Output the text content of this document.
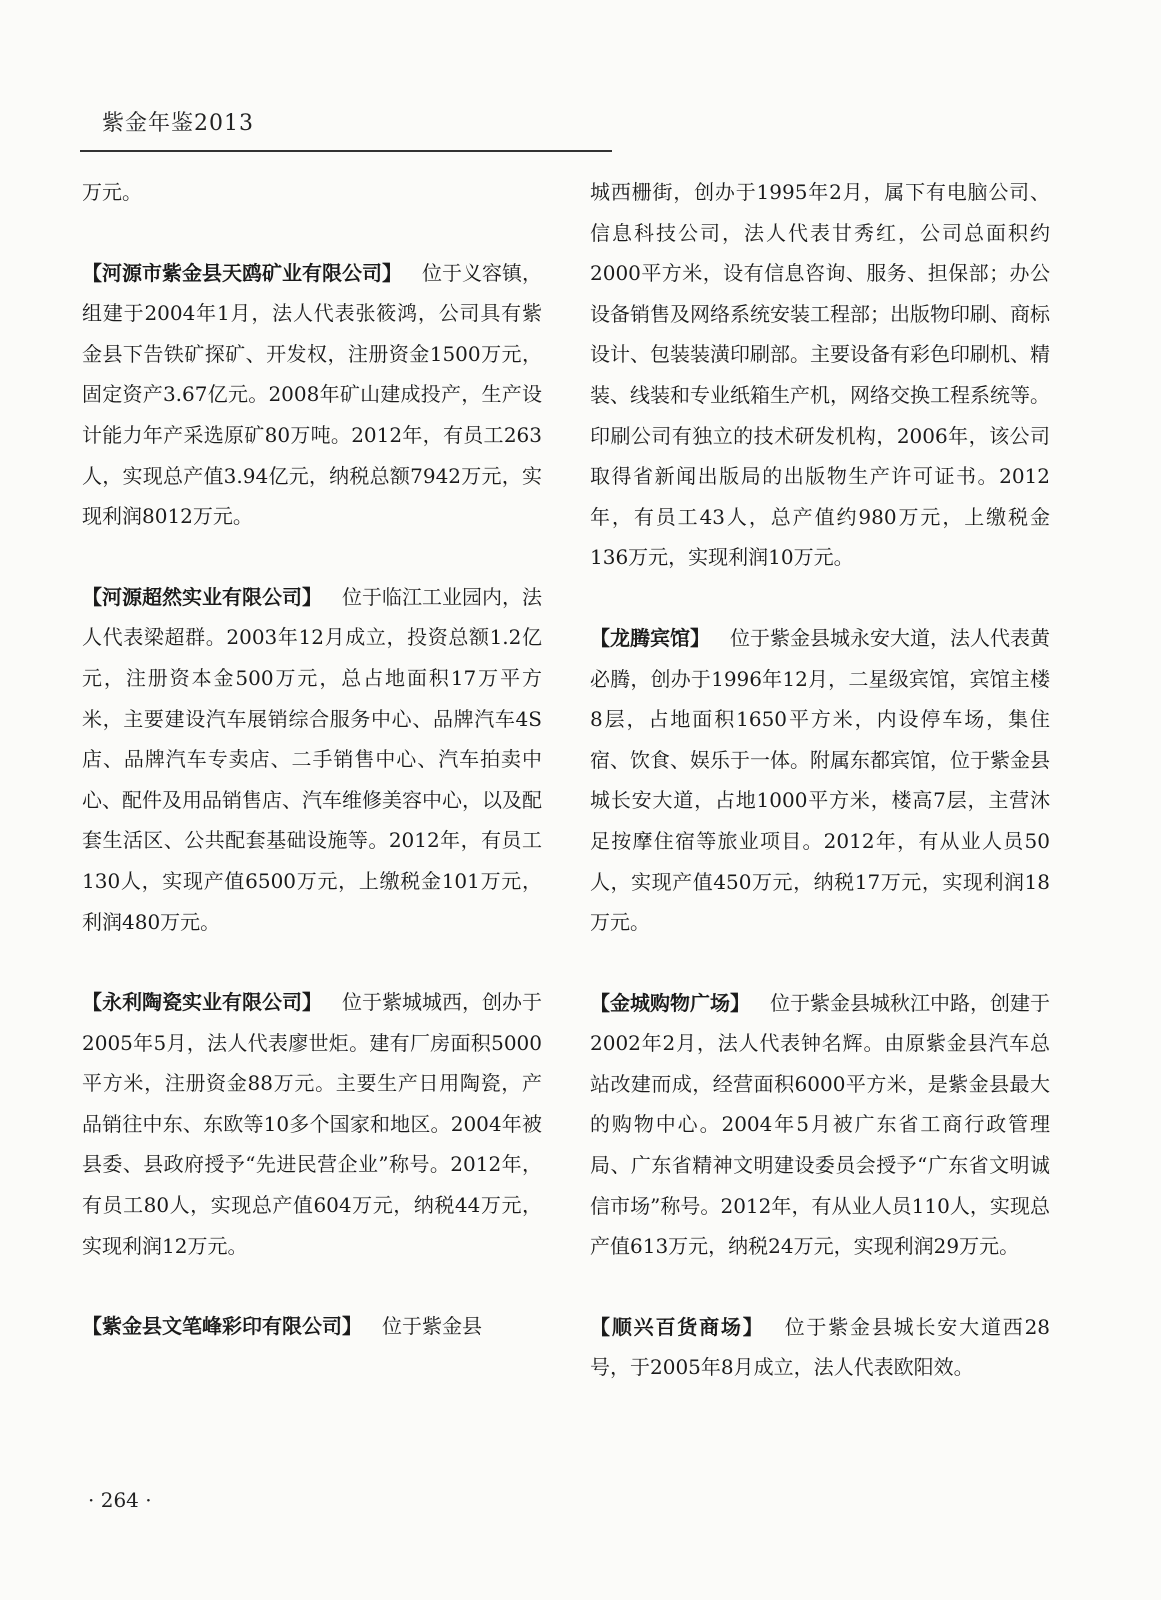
紫金年鉴2013

万元。

【河源市紫金县天鸥矿业有限公司】 位于义容镇，组建于2004年1月，法人代表张筱鸿，公司具有紫金县下告铁矿探矿、开发权，注册资金1500万元，固定资产3.67亿元。2008年矿山建成投产，生产设计能力年产采选原矿80万吨。2012年，有员工263人，实现总产值3.94亿元，纳税总额7942万元，实现利润8012万元。

【河源超然实业有限公司】 位于临江工业园内，法人代表梁超群。2003年12月成立，投资总额1.2亿元，注册资本金500万元，总占地面积17万平方米，主要建设汽车展销综合服务中心、品牌汽车4S店、品牌汽车专卖店、二手销售中心、汽车拍卖中心、配件及用品销售店、汽车维修美容中心，以及配套生活区、公共配套基础设施等。2012年，有员工130人，实现产值6500万元，上缴税金101万元，利润480万元。

【永利陶瓷实业有限公司】 位于紫城城西，创办于2005年5月，法人代表廖世炬。建有厂房面积5000平方米，注册资金88万元。主要生产日用陶瓷，产品销往中东、东欧等10多个国家和地区。2004年被县委、县政府授予“先进民营企业”称号。2012年，有员工80人，实现总产值604万元，纳税44万元，实现利润12万元。

【紫金县文笔峰彩印有限公司】 位于紫金县

城西栅街，创办于1995年2月，属下有电脑公司、信息科技公司，法人代表甘秀红，公司总面积约2000平方米，设有信息咨询、服务、担保部；办公设备销售及网络系统安装工程部；出版物印刷、商标设计、包装装潢印刷部。主要设备有彩色印刷机、精装、线装和专业纸箱生产机，网络交换工程系统等。印刷公司有独立的技术研发机构，2006年，该公司取得省新闻出版局的出版物生产许可证书。2012年，有员工43人，总产值约980万元，上缴税金136万元，实现利润10万元。

【龙腾宾馆】 位于紫金县城永安大道，法人代表黄必腾，创办于1996年12月，二星级宾馆，宾馆主楼8层，占地面积1650平方米，内设停车场，集住宿、饮食、娱乐于一体。附属东都宾馆，位于紫金县城长安大道，占地1000平方米，楼高7层，主营沐足按摩住宿等旅业项目。2012年，有从业人员50人，实现产值450万元，纳税17万元，实现利润18万元。

【金城购物广场】 位于紫金县城秋江中路，创建于2002年2月，法人代表钟名辉。由原紫金县汽车总站改建而成，经营面积6000平方米，是紫金县最大的购物中心。2004年5月被广东省工商行政管理局、广东省精神文明建设委员会授予“广东省文明诚信市场”称号。2012年，有从业人员110人，实现总产值613万元，纳税24万元，实现利润29万元。

【顺兴百货商场】 位于紫金县城长安大道西28号，于2005年8月成立，法人代表欧阳效。

· 264 ·
